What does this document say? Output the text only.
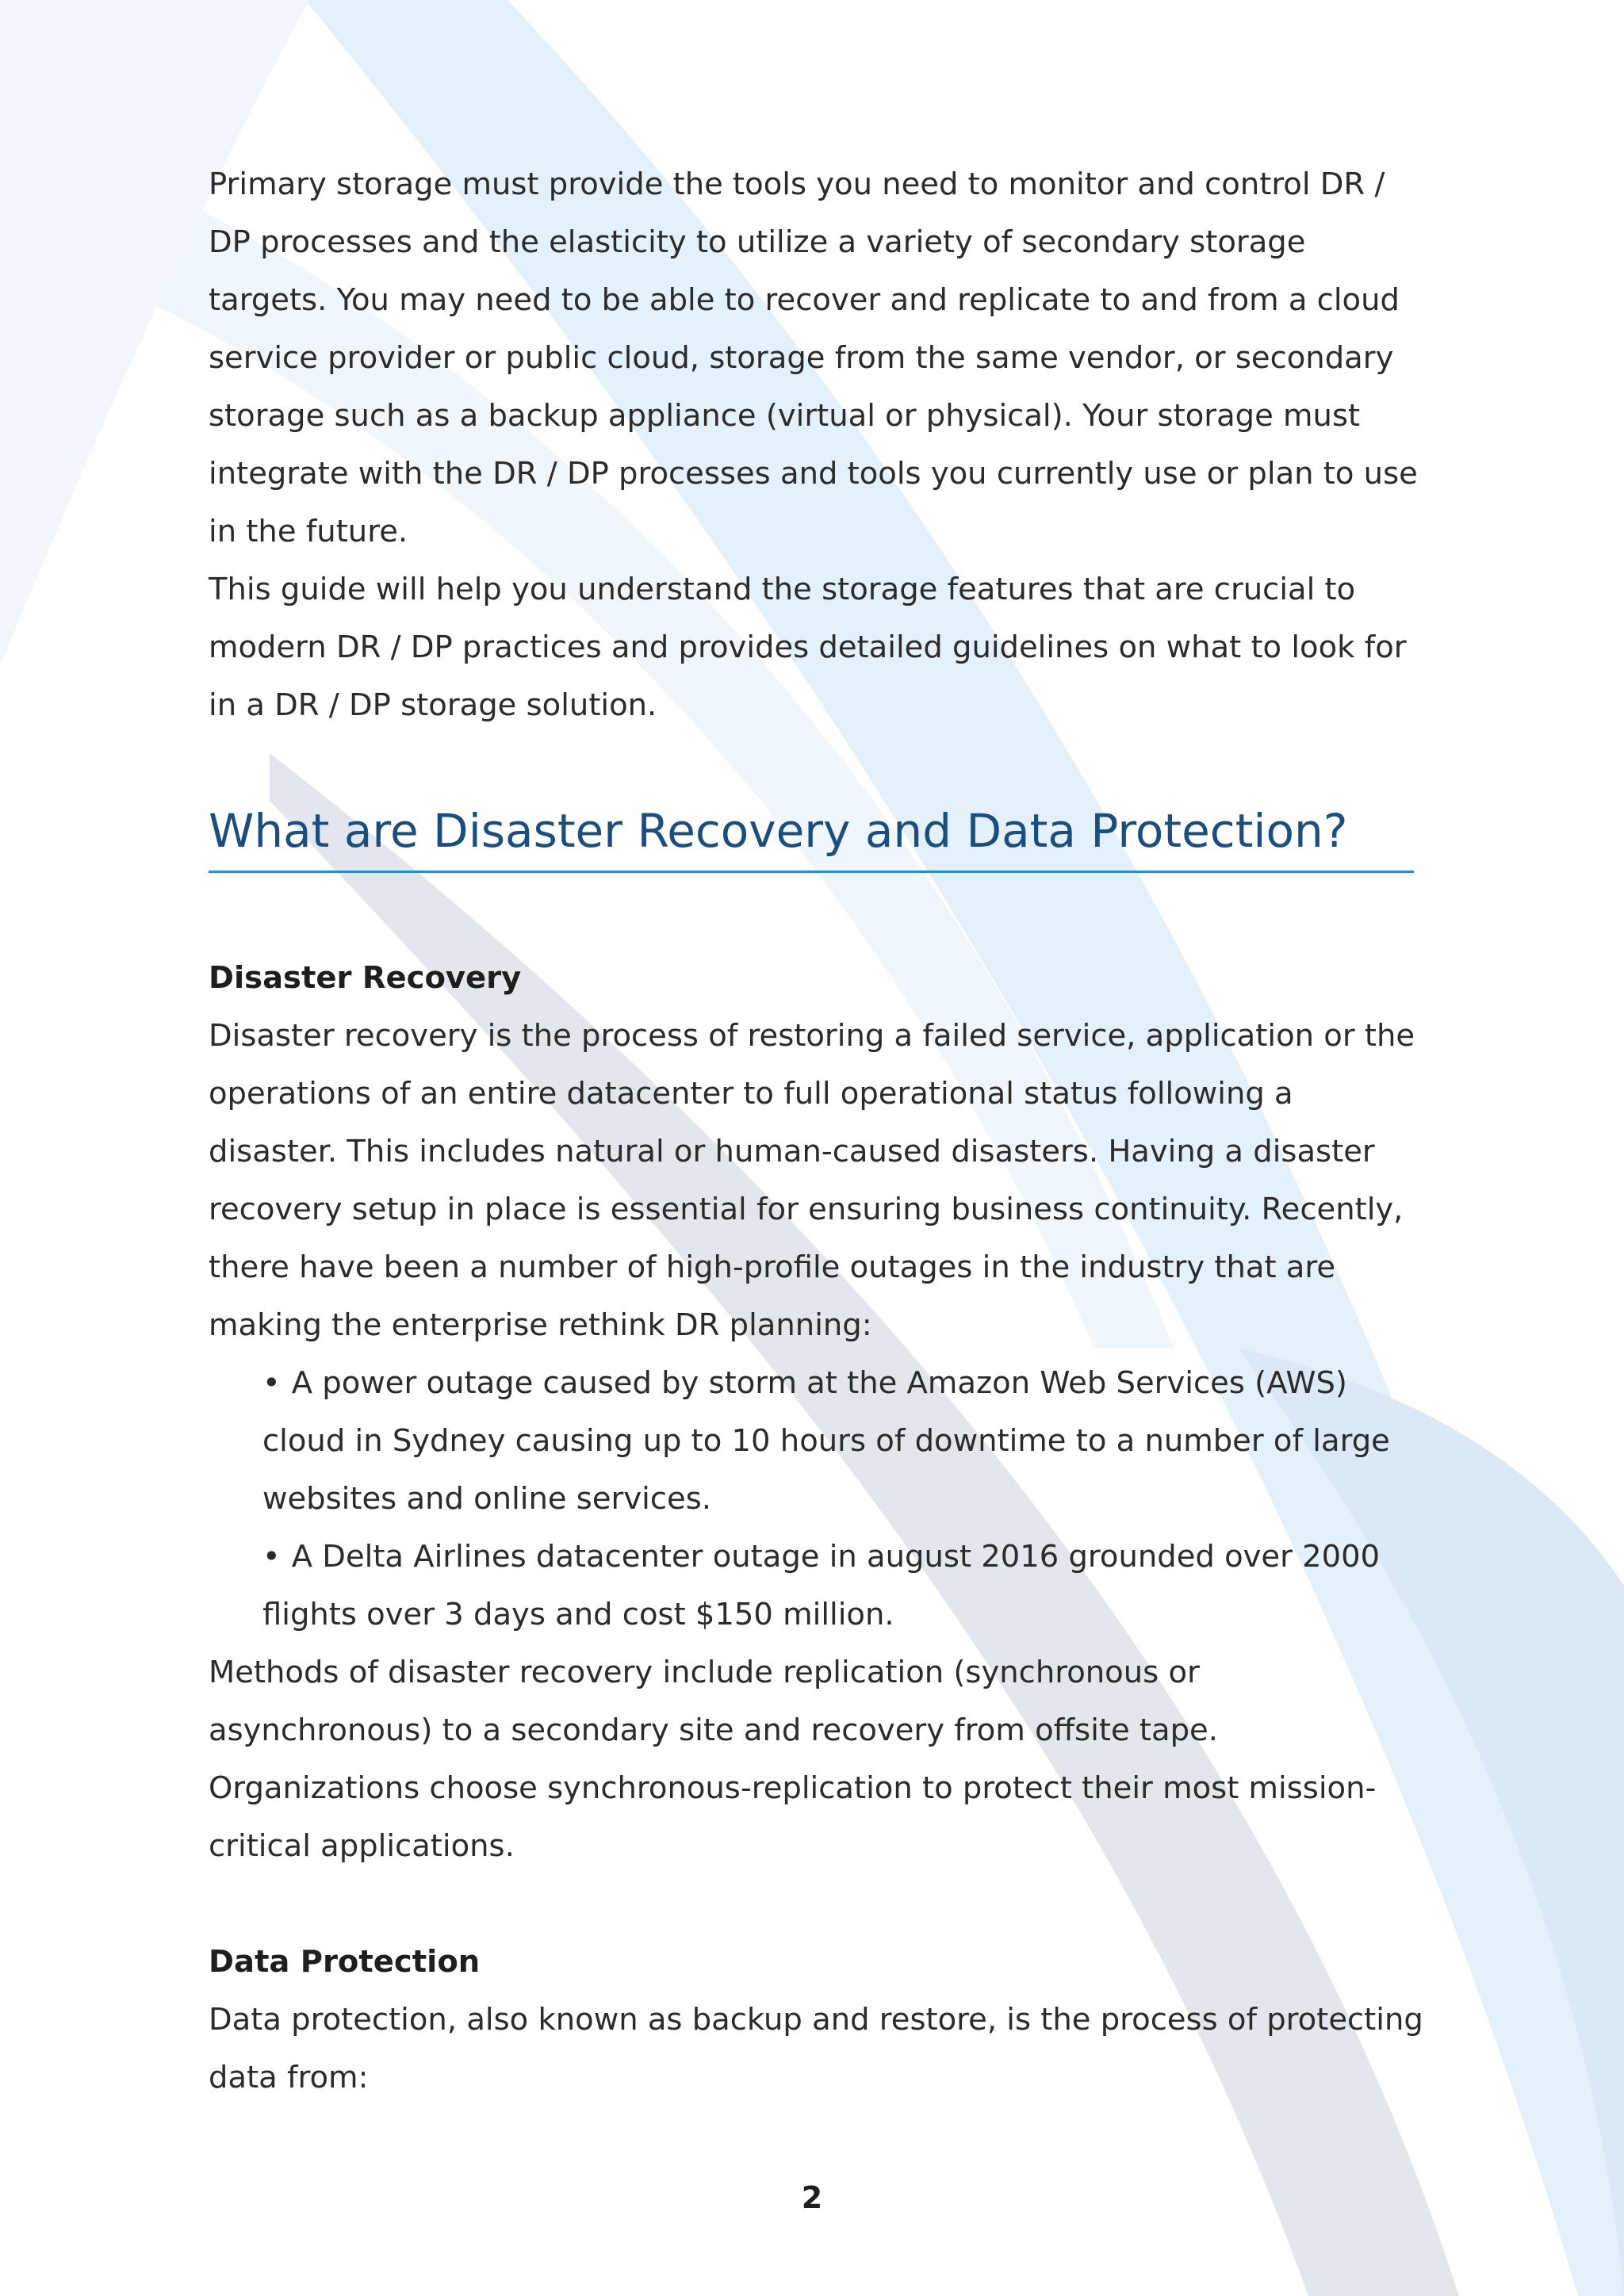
Primary storage must provide the tools you need to monitor and control DR / DP processes and the elasticity to utilize a variety of secondary storage targets. You may need to be able to recover and replicate to and from a cloud service provider or public cloud, storage from the same vendor, or secondary storage such as a backup appliance (virtual or physical). Your storage must integrate with the DR / DP processes and tools you currently use or plan to use in the future.

This guide will help you understand the storage features that are crucial to modern DR / DP practices and provides detailed guidelines on what to look for in a DR / DP storage solution.

What are Disaster Recovery and Data Protection?
Disaster Recovery

Disaster recovery is the process of restoring a failed service, application or the operations of an entire datacenter to full operational status following a disaster. This includes natural or human-caused disasters. Having a disaster recovery setup in place is essential for ensuring business continuity. Recently, there have been a number of high-profile outages in the industry that are making the enterprise rethink DR planning:

• A power outage caused by storm at the Amazon Web Services (AWS) cloud in Sydney causing up to 10 hours of downtime to a number of large websites and online services.
• A Delta Airlines datacenter outage in august 2016 grounded over 2000 flights over 3 days and cost $150 million.

Methods of disaster recovery include replication (synchronous or asynchronous) to a secondary site and recovery from offsite tape. Organizations choose synchronous-replication to protect their most mission-critical applications.

Data Protection

Data protection, also known as backup and restore, is the process of protecting data from:

2
